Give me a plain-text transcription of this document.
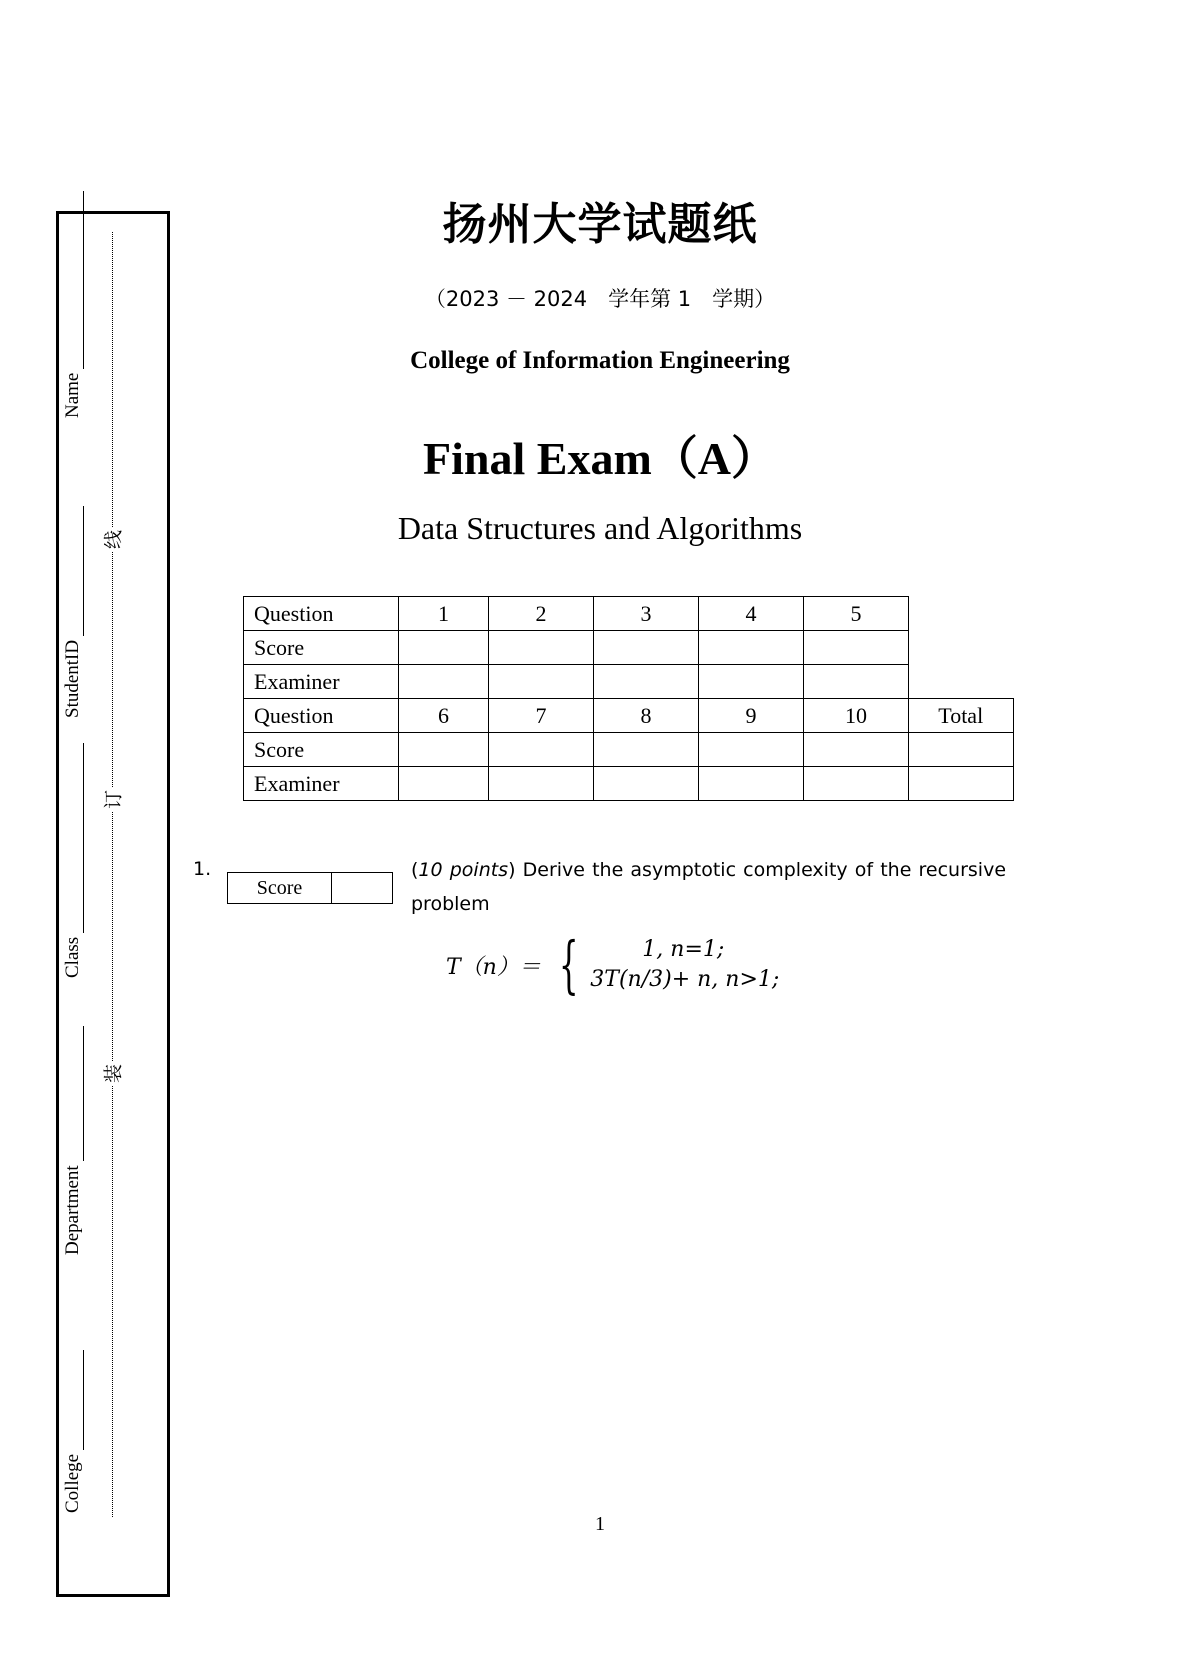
Name
StudentID
Class
Department
College
线
订
装
扬州大学试题纸
（2023 － 2024　学年第 1　学期）
College of Information Engineering
Final Exam（A）
Data Structures and Algorithms
Question	1	2	3	4	5	
Score						
Examiner						
Question	6	7	8	9	10	Total
Score						
Examiner						
1.
Score	
(10 points) Derive the asymptotic complexity of the recursive problem
T（n）＝ {	1, n=1;
3T(n/3)+ n, n>1;
1
